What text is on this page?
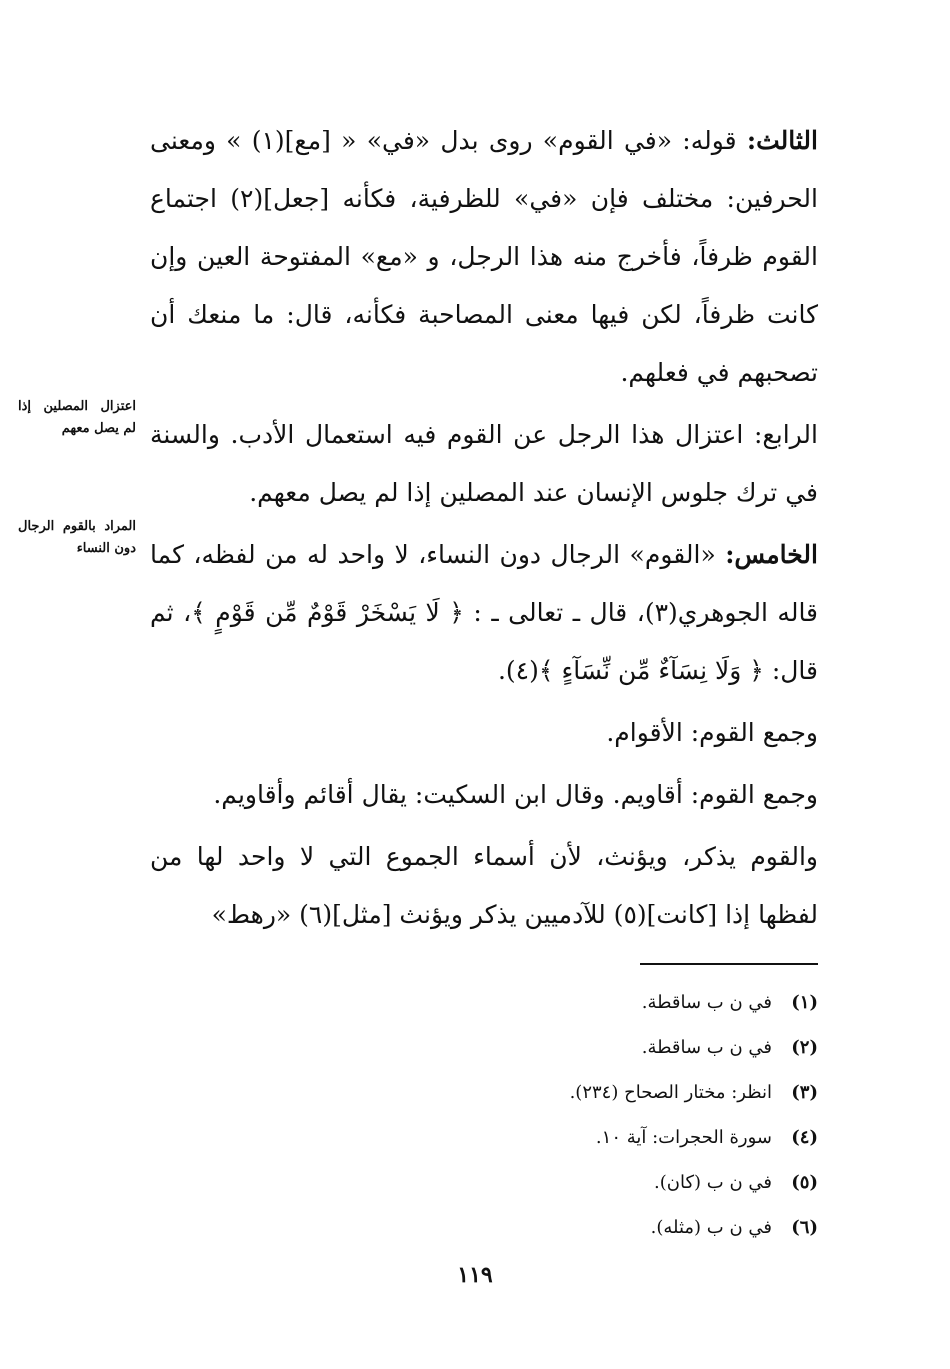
الثالث: قوله: «في القوم» روى بدل «في» « [مع](١) » ومعنى الحرفين: مختلف فإن «في» للظرفية، فكأنه [جعل](٢) اجتماع القوم ظرفاً، فأخرج منه هذا الرجل، و «مع» المفتوحة العين وإن كانت ظرفاً، لكن فيها معنى المصاحبة فكأنه، قال: ما منعك أن تصحبهم في فعلهم.

الرابع: اعتزال هذا الرجل عن القوم فيه استعمال الأدب. والسنة في ترك جلوس الإنسان عند المصلين إذا لم يصل معهم.

الخامس: «القوم» الرجال دون النساء، لا واحد له من لفظه، كما قاله الجوهري(٣)، قال ـ تعالى ـ : ﴿ لَا يَسْخَرْ قَوْمٌ مِّن قَوْمٍ ﴾، ثم قال: ﴿ وَلَا نِسَآءٌ مِّن نِّسَآءٍ ﴾(٤).

وجمع القوم: الأقوام.

وجمع القوم: أقاويم. وقال ابن السكيت: يقال أقائم وأقاويم.

والقوم يذكر، ويؤنث، لأن أسماء الجموع التي لا واحد لها من لفظها إذا [كانت](٥) للآدميين يذكر ويؤنث [مثل](٦) «رهط»

اعتزال المصلين إذا لم يصل معهم
المراد بالقوم الرجال دون النساء
(١)
في ن ب ساقطة.
(٢)
في ن ب ساقطة.
(٣)
انظر: مختار الصحاح (٢٣٤).
(٤)
سورة الحجرات: آية ١٠.
(٥)
في ن ب (كان).
(٦)
في ن ب (مثله).
١١٩
